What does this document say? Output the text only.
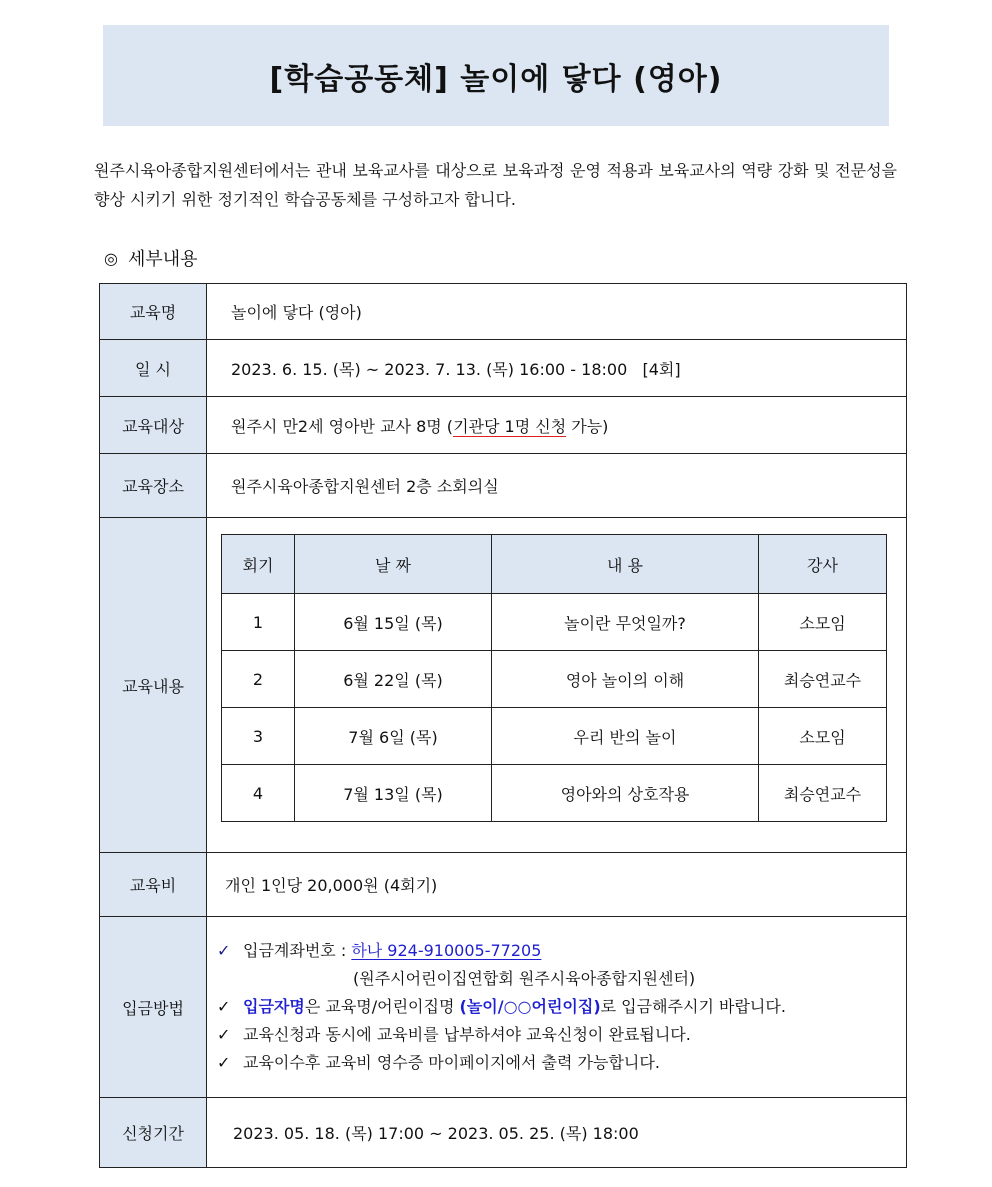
[학습공동체] 놀이에 닿다 (영아)

원주시육아종합지원센터에서는 관내 보육교사를 대상으로 보육과정 운영 적용과 보육교사의 역량 강화 및 전문성을 향상 시키기 위한 정기적인 학습공동체를 구성하고자 합니다.

◎ 세부내용
교육명	놀이에 닿다 (영아)
일 시	2023. 6. 15. (목) ~ 2023. 7. 13. (목) 16:00 - 18:00   [4회]
교육대상	원주시 만2세 영아반 교사 8명 (기관당 1명 신청 가능)
교육장소	원주시육아종합지원센터 2층 소회의실
교육내용	
회기	날 짜	내 용	강사
1	6월 15일 (목)	놀이란 무엇일까?	소모임
2	6월 22일 (목)	영아 놀이의 이해	최승연교수
3	7월 6일 (목)	우리 반의 놀이	소모임
4	7월 13일 (목)	영아와의 상호작용	최승연교수

교육비	개인 1인당 20,000원 (4회기)
입금방법	
✓ 입금계좌번호 : 하나 924-910005-77205
(원주시어린이집연합회 원주시육아종합지원센터)
✓ 입금자명은 교육명/어린이집명 (놀이/○○어린이집)로 입금해주시기 바랍니다.
✓ 교육신청과 동시에 교육비를 납부하셔야 교육신청이 완료됩니다.
✓ 교육이수후 교육비 영수증 마이페이지에서 출력 가능합니다.

신청기간	2023. 05. 18. (목) 17:00 ~ 2023. 05. 25. (목) 18:00
